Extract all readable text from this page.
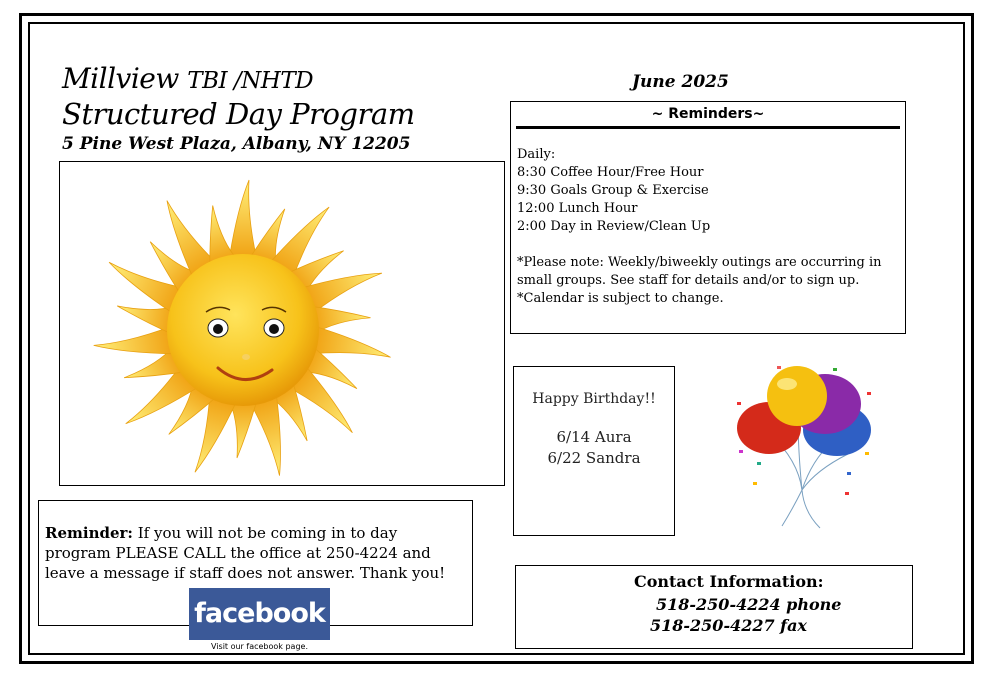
Millview TBI /NHTD
Structured Day Program
5 Pine West Plaza, Albany, NY 12205
June 2025
~ Reminders~

Daily:

8:30 Coffee Hour/Free Hour

9:30 Goals Group & Exercise

12:00 Lunch Hour

2:00 Day in Review/Clean Up

*Please note: Weekly/biweekly outings are occurring in small groups. See staff for details and/or to sign up.

*Calendar is subject to change.

Happy Birthday!!
6/14 Aura
6/22 Sandra
Reminder: If you will not be coming in to day program PLEASE CALL the office at 250-4224 and leave a message if staff does not answer. Thank you!
facebook
Visit our facebook page.
Contact Information:
518-250-4224 phone
518-250-4227 fax
